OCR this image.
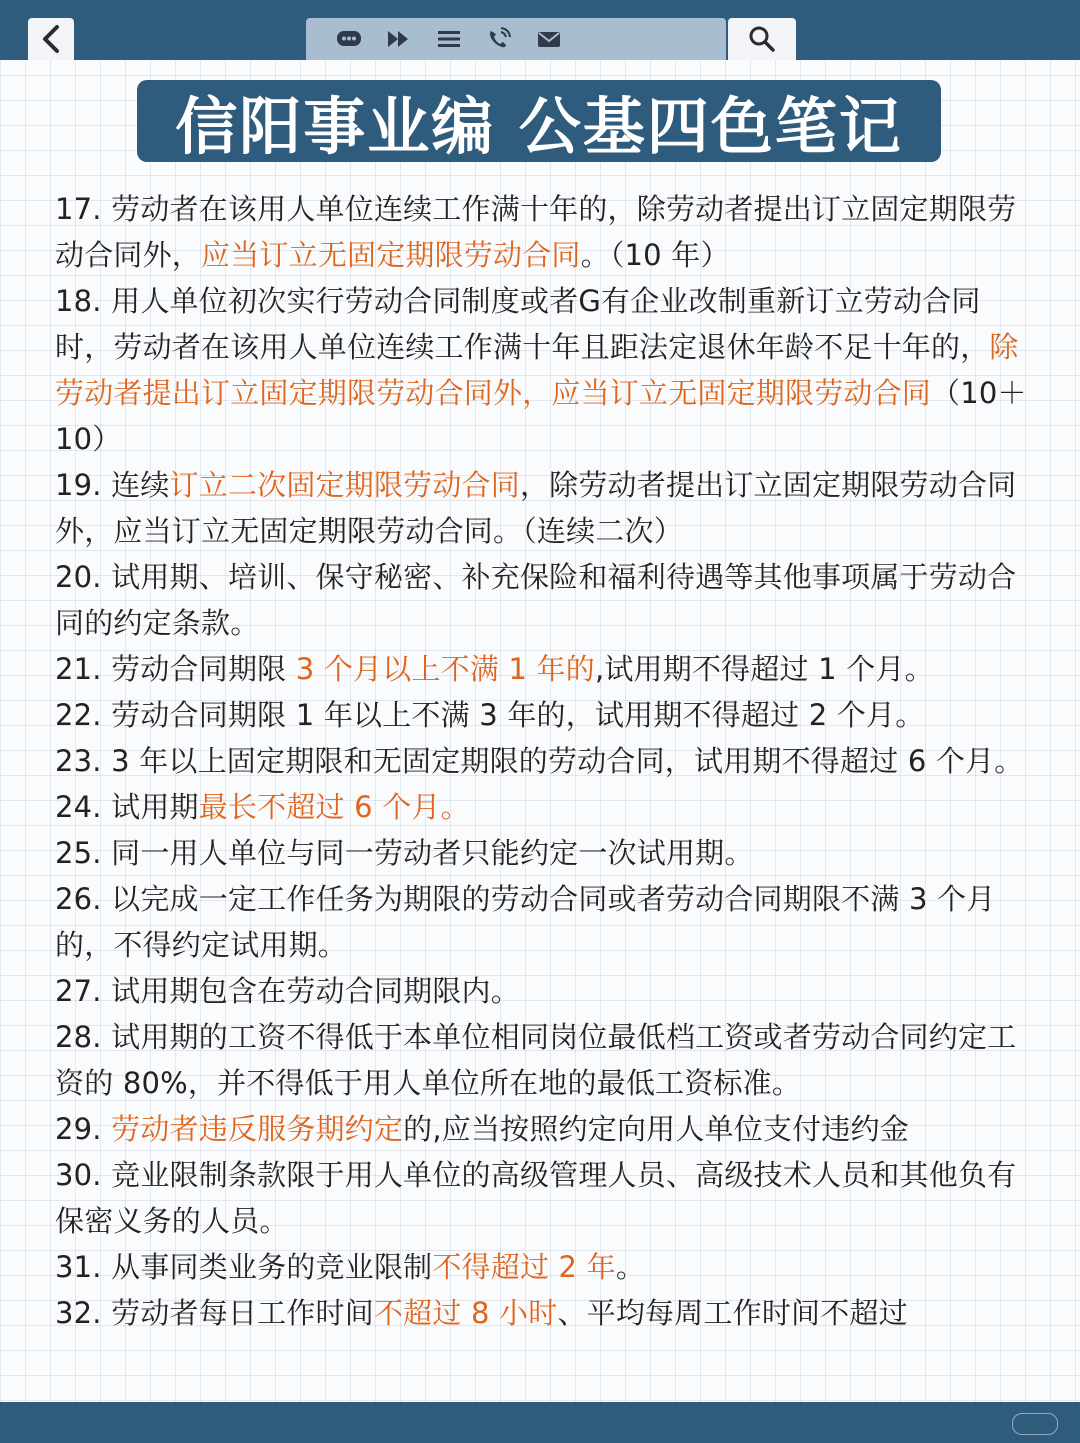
信阳事业编 公基四色笔记

17. 劳动者在该用人单位连续工作满十年的，除劳动者提出订立固定期限劳动合同外，应当订立无固定期限劳动合同。（10 年）

18. 用人单位初次实行劳动合同制度或者G有企业改制重新订立劳动合同时，劳动者在该用人单位连续工作满十年且距法定退休年龄不足十年的，除劳动者提出订立固定期限劳动合同外，应当订立无固定期限劳动合同（10＋10）

19. 连续订立二次固定期限劳动合同，除劳动者提出订立固定期限劳动合同外，应当订立无固定期限劳动合同。（连续二次）

20. 试用期、培训、保守秘密、补充保险和福利待遇等其他事项属于劳动合同的约定条款。

21. 劳动合同期限 3 个月以上不满 1 年的,试用期不得超过 1 个月。

22. 劳动合同期限 1 年以上不满 3 年的，试用期不得超过 2 个月。

23. 3 年以上固定期限和无固定期限的劳动合同，试用期不得超过 6 个月。

24. 试用期最长不超过 6 个月。

25. 同一用人单位与同一劳动者只能约定一次试用期。

26. 以完成一定工作任务为期限的劳动合同或者劳动合同期限不满 3 个月的，不得约定试用期。

27. 试用期包含在劳动合同期限内。

28. 试用期的工资不得低于本单位相同岗位最低档工资或者劳动合同约定工资的 80%，并不得低于用人单位所在地的最低工资标准。

29. 劳动者违反服务期约定的,应当按照约定向用人单位支付违约金

30. 竞业限制条款限于用人单位的高级管理人员、高级技术人员和其他负有保密义务的人员。

31. 从事同类业务的竞业限制不得超过 2 年。

32. 劳动者每日工作时间不超过 8 小时、平均每周工作时间不超过
